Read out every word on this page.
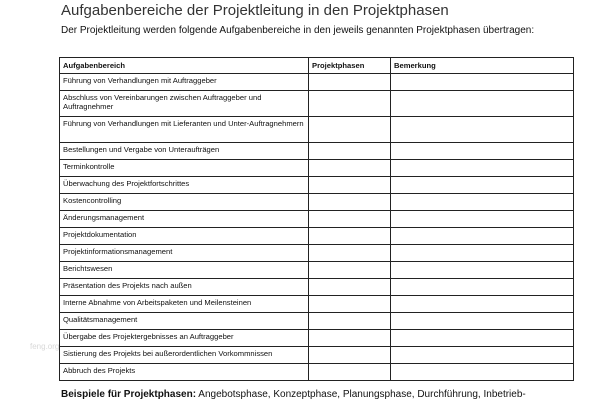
Aufgabenbereiche der Projektleitung in den Projektphasen
Der Projektleitung werden folgende Aufgabenbereiche in den jeweils genannten Projektphasen übertragen:
Aufgabenbereich	Projektphasen	Bemerkung
Führung von Verhandlungen mit Auftraggeber		
Abschluss von Vereinbarungen zwischen Auftraggeber und Auftragnehmer		
Führung von Verhandlungen mit Lieferanten und Unter-Auftragnehmern		
Bestellungen und Vergabe von Unteraufträgen		
Terminkontrolle		
Überwachung des Projektfortschrittes		
Kostencontrolling		
Änderungsmanagement		
Projektdokumentation		
Projektinformationsmanagement		
Berichtswesen		
Präsentation des Projekts nach außen		
Interne Abnahme von Arbeitspaketen und Meilensteinen		
Qualitätsmanagement		
Übergabe des Projektergebnisses an Auftraggeber		
Sistierung des Projekts bei außerordentlichen Vorkommnissen		
Abbruch des Projekts		
feng.org
Beispiele für Projektphasen: Angebotsphase, Konzeptphase, Planungsphase, Durchführung, Inbetrieb-
